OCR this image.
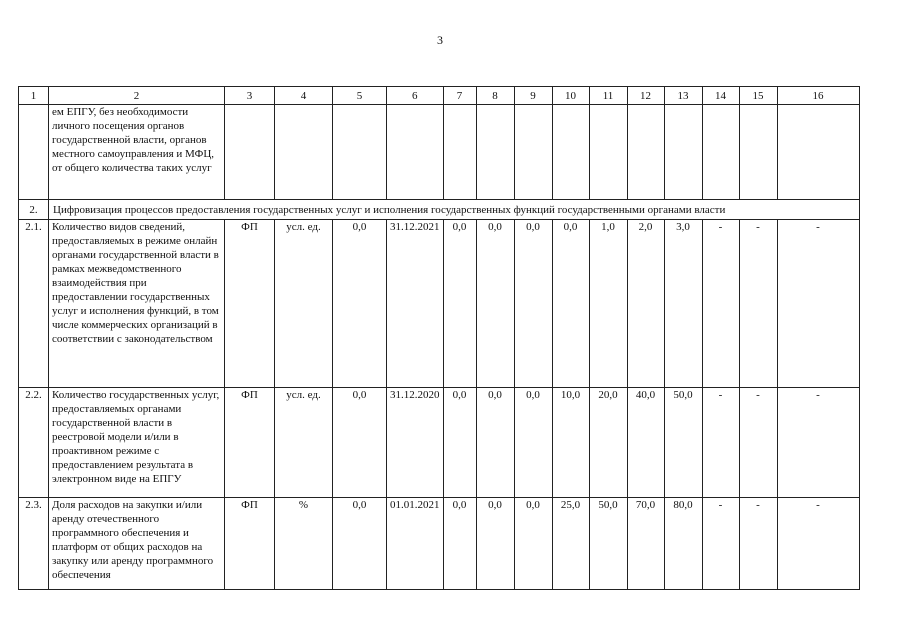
3
1	2	3	4	5	6	7	8	9	10	11	12	13	14	15	16
	ем ЕПГУ, без необходимости личного посещения органов государственной власти, органов местного самоуправления и МФЦ, от общего количества таких услуг														
2.	Цифровизация процессов предоставления государственных услуг и исполнения государственных функций государственными органами власти														
2.1.	Количество видов сведений, предоставляемых в режиме онлайн органами государственной власти в рамках межведомственного взаимодействия при предоставлении государственных услуг и исполнения функций, в том числе коммерческих организаций в соответствии с законодательством	ФП	усл. ед.	0,0	31.12.2021	0,0	0,0	0,0	0,0	1,0	2,0	3,0	-	-	-
2.2.	Количество государственных услуг, предоставляемых органами государственной власти в реестровой модели и/или в проактивном режиме с предоставлением результата в электронном виде на ЕПГУ	ФП	усл. ед.	0,0	31.12.2020	0,0	0,0	0,0	10,0	20,0	40,0	50,0	-	-	-
2.3.	Доля расходов на закупки и/или аренду отечественного программного обеспечения и платформ от общих расходов на закупку или аренду программного обеспечения	ФП	%	0,0	01.01.2021	0,0	0,0	0,0	25,0	50,0	70,0	80,0	-	-	-
